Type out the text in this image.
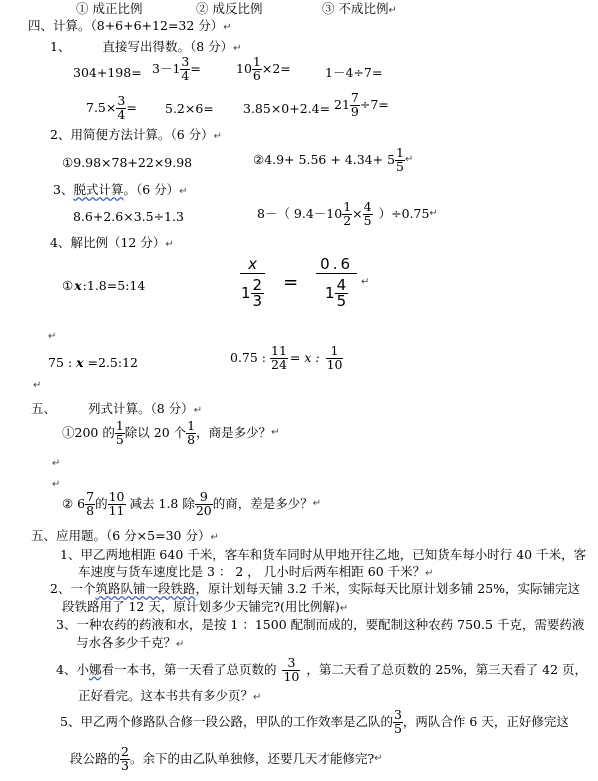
① 成正比例	② 成反比例	③ 不成比例↵
四、计算。（8+6+6+12=32 分）↵
1、	直接写出得数。（8 分）↵
$304+198= 3-1 \frac{3}{4}$ =	$10 \frac{1}{6} \times 2=$	1－4÷7=
$7.5\times \frac{3}{4} = 5.2\times 6= 3.85\times 0+2.4= 21 \frac{7}{9} \div 7=$
2、用简便方法计算。（6 分）↵
①9.98×78+22×9.98	②4.9+ $5.56 + 4.34+ 5 \frac{1}{5}$ ↵
3、脱式计算。（6 分）↵
8.6+2.6×3.5÷1.3	8－（ $9.4-10 \frac{1}{2} \times \frac{4}{5}$ ）÷0.75↵
4、解比例（12 分）↵
①x:1.8=5:14	$\frac{x}{1 \frac{2}{3}} = \frac{0.6}{1 \frac{4}{5}}$ ↵
↵
75 : x =2.5:12	0.75 : $\frac{11}{24} = x$ : $\frac{1}{10}$
↵
五、	列式计算。（8 分）↵
①200 的 $\frac{1}{5}$ 除以 20 个 $\frac{1}{8}$ ，商是多少？↵
↵
↵
② $6 \frac{7}{8}$ 的 $\frac{10}{11}$ 减去 1.8 除 $\frac{9}{20}$ 的商，差是多少？↵
五、应用题。（6 分×5=30 分）↵
1、甲乙两地相距 640 千米，客车和货车同时从甲地开往乙地，已知货车每小时行 40 千米，客
车速度与货车速度比是 3 ： 2 ， 几小时后两车相距 60 千米？↵
2、一个筑路队铺一段铁路，原计划每天铺 3.2 千米，实际每天比原计划多铺 25%，实际铺完这
段铁路用了 12 天，原计划多少天铺完?(用比例解)↵
3、一种农药的药液和水，是按 1 ：1500 配制而成的，要配制这种农药 750.5 千克，需要药液
与水各多少千克？↵
4、小娜看一本书，第一天看了总页数的 $\frac{3}{10}$ ，第二天看了总页数的 25%，第三天看了 42 页，
正好看完。这本书共有多少页？↵
5、甲乙两个修路队合修一段公路，甲队的工作效率是乙队的 $\frac{3}{5}$ ，两队合作 6 天，正好修完这
段公路的 $\frac{2}{3}$ 。余下的由乙队单独修，还要几天才能修完?↵
